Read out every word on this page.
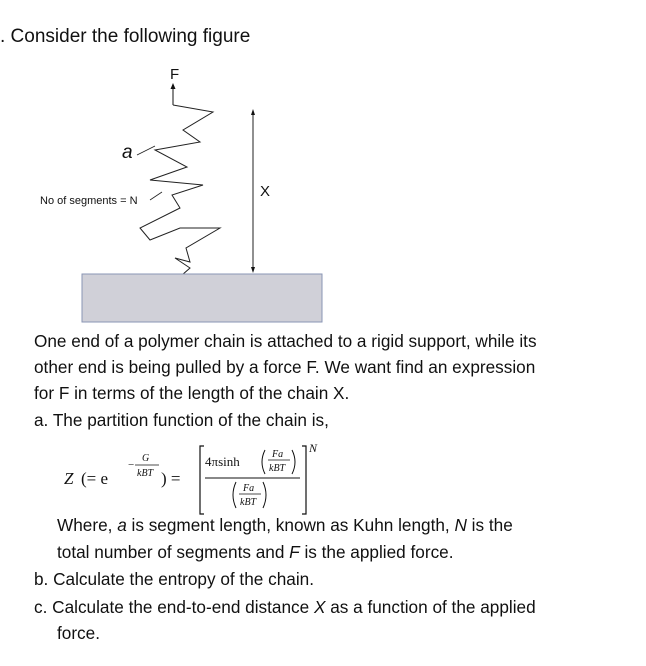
. Consider the following figure
F
a
No of segments = N
X
One end of a polymer chain is attached to a rigid support, while its
other end is being pulled by a force F. We want find an expression
for F in terms of the length of the chain X.
a. The partition function of the chain is,
Z (= e
G
−
kBT ) =
4πsinh	Fa
kBT
Fa
kBT
N
Where, a is segment length, known as Kuhn length, N is the
total number of segments and F is the applied force.
b. Calculate the entropy of the chain.
c. Calculate the end-to-end distance X as a function of the applied
force.
